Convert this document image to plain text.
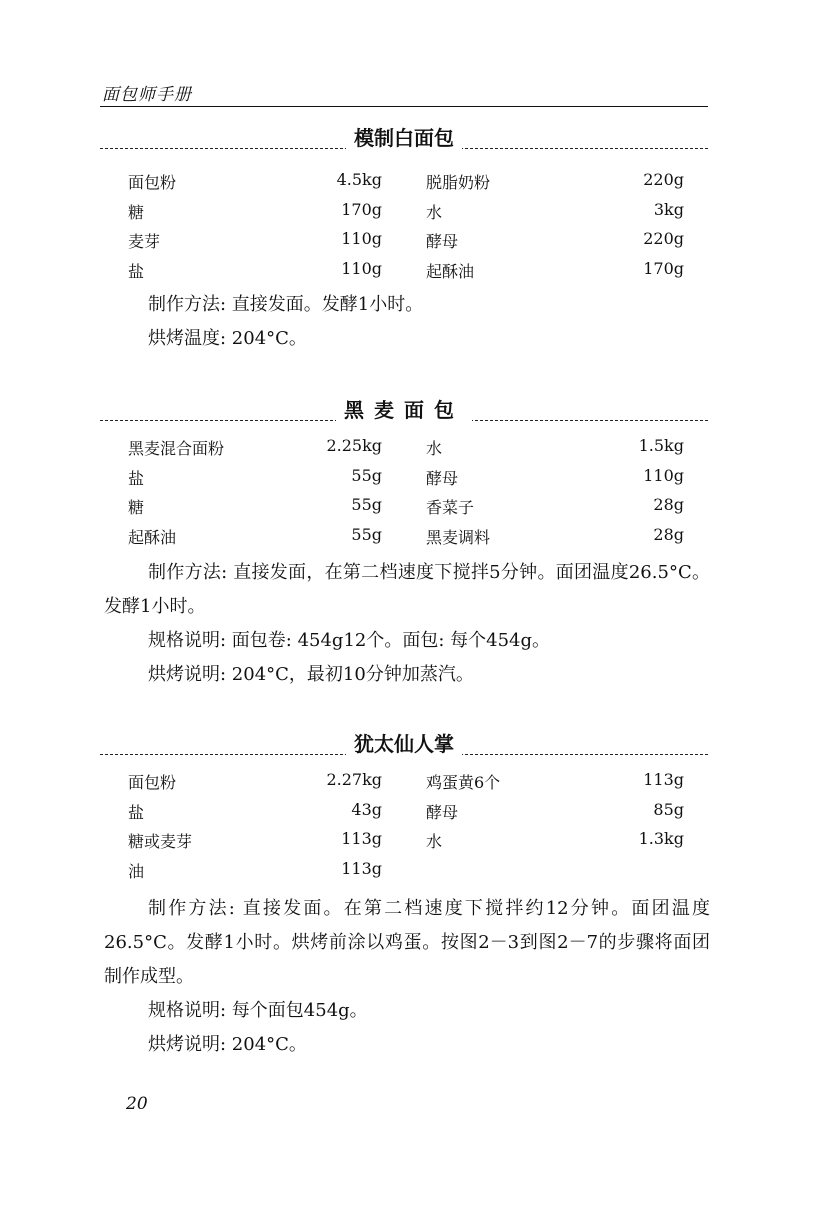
面包师手册
模制白面包
面包粉	4.5kg	脱脂奶粉	220g
糖	170g	水	3kg
麦芽	110g	酵母	220g
盐	110g	起酥油	170g

制作方法: 直接发面。发酵1小时。

烘烤温度: 204°C。

黑麦面包
黑麦混合面粉	2.25kg	水	1.5kg
盐	55g	酵母	110g
糖	55g	香菜子	28g
起酥油	55g	黑麦调料	28g

制作方法: 直接发面，在第二档速度下搅拌5分钟。面团温度26.5°C。发酵1小时。

规格说明: 面包卷: 454g12个。面包: 每个454g。

烘烤说明: 204°C，最初10分钟加蒸汽。

犹太仙人掌
面包粉	2.27kg	鸡蛋黄6个	113g
盐	43g	酵母	85g
糖或麦芽	113g	水	1.3kg
油	113g

制作方法: 直接发面。在第二档速度下搅拌约12分钟。面团温度26.5°C。发酵1小时。烘烤前涂以鸡蛋。按图2－3到图2－7的步骤将面团制作成型。

规格说明: 每个面包454g。

烘烤说明: 204°C。

20
